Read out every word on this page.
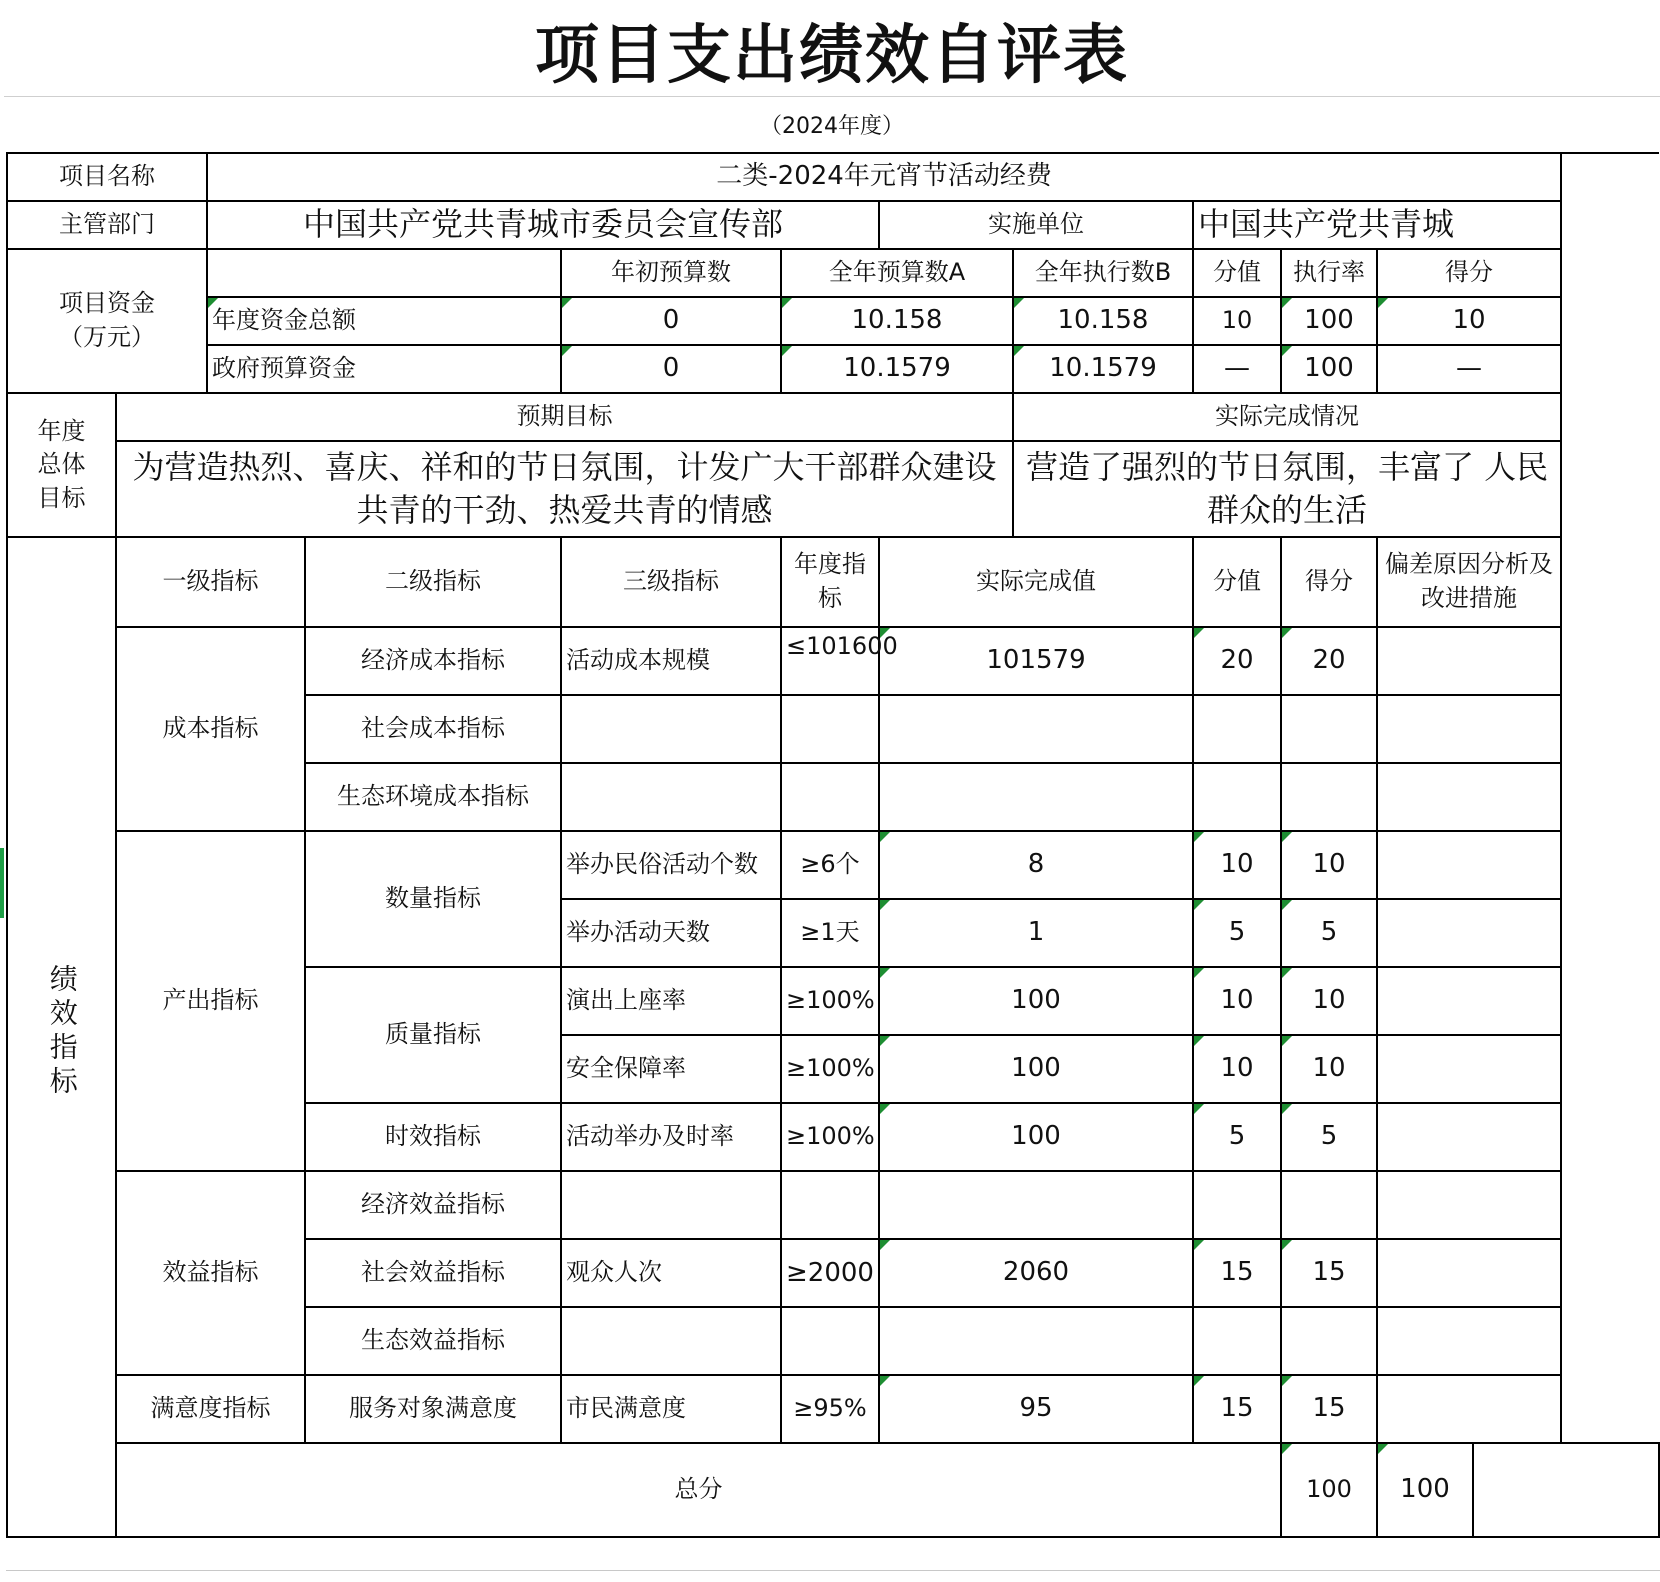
项目支出绩效自评表
（2024年度）
项目名称		二类-2024年元宵节活动经费									
主管部门		中国共产党共青城市委员会宣传部				实施单位		中国共产党共青城			
项目资金
（万元）				年初预算数	全年预算数A		全年执行数B	分值	执行率	得分	
		年度资金总额		0	10.158		10.158	10	100	10	
		政府预算资金		0	10.1579		10.1579	—	100	—	
年度
总体
目标	预期目标						实际完成情况				
	为营造热烈、喜庆、祥和的节日氛围，计发广大干部群众建设共青的干劲、热爱共青的情感						营造了强烈的节日氛围，丰富了 人民群众的生活				
绩效指标	一级指标		二级指标	三级指标	年度指标	实际完成值		分值	得分	偏差原因分析及改进措施	
	成本指标		经济成本指标	活动成本规模	≤101600	101579		20	20		
			社会成本指标								
			生态环境成本指标								
	产出指标		数量指标	举办民俗活动个数	≥6个	8		10	10		
				举办活动天数	≥1天	1		5	5		
			质量指标	演出上座率	≥100%	100		10	10		
				安全保障率	≥100%	100		10	10		
			时效指标	活动举办及时率	≥100%	100		5	5		
	效益指标		经济效益指标								
			社会效益指标	观众人次	≥2000	2060		15	15		
			生态效益指标								
	满意度指标		服务对象满意度	市民满意度	≥95%	95		15	15		
	总分								100	100	
